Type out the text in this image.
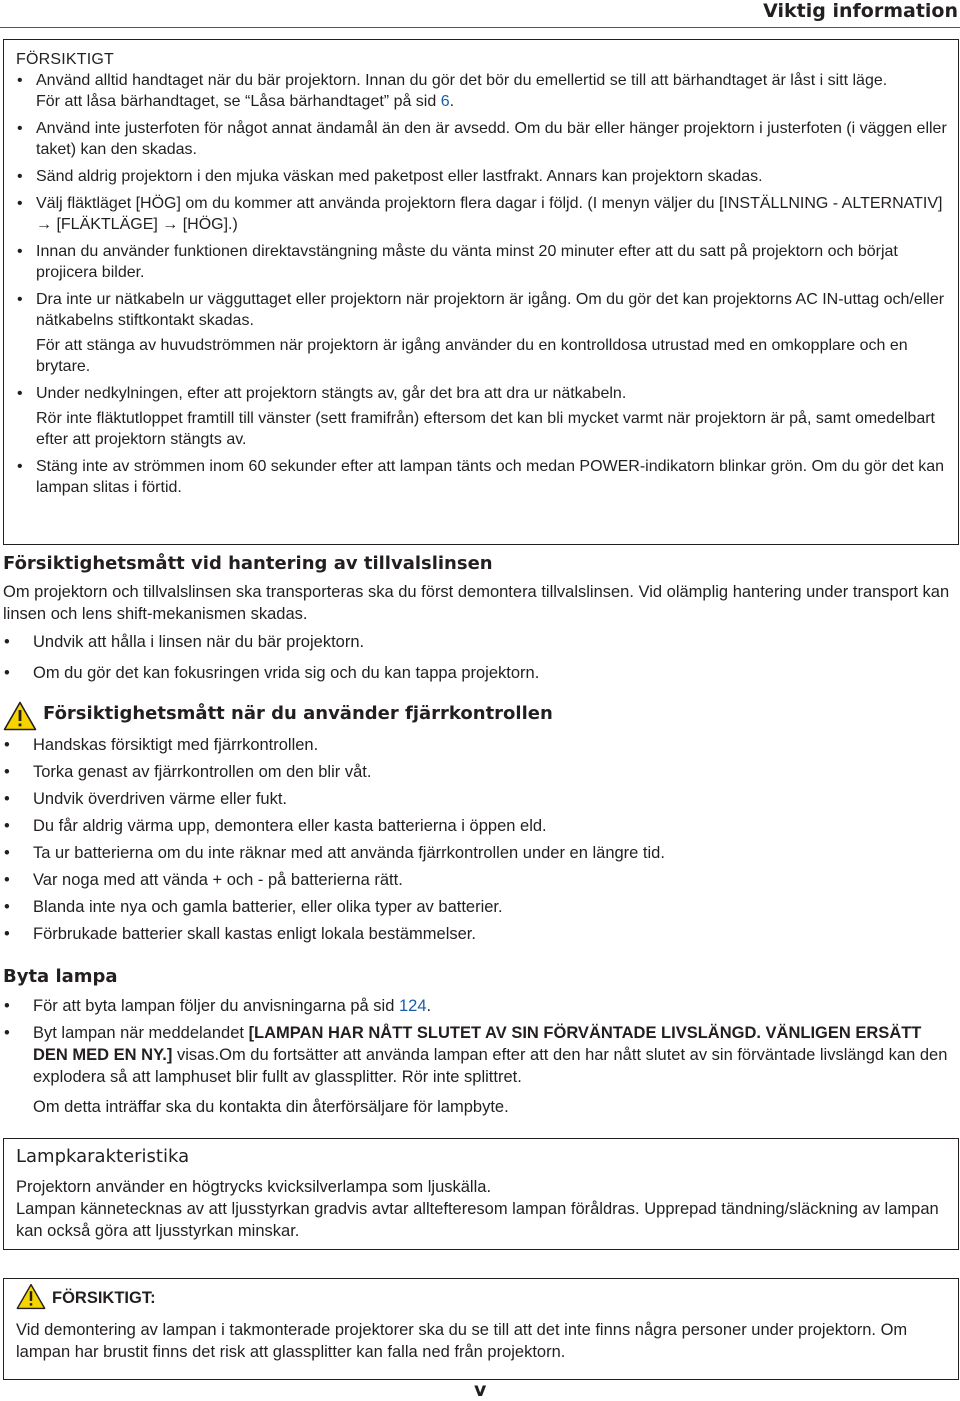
Viktig information
FÖRSIKTIGT
• Använd alltid handtaget när du bär projektorn. Innan du gör det bör du emellertid se till att bärhandtaget är låst i sitt läge.
För att låsa bärhandtaget, se “Låsa bärhandtaget” på sid 6.
• Använd inte justerfoten för något annat ändamål än den är avsedd. Om du bär eller hänger projektorn i justerfoten (i väggen eller taket) kan den skadas.
• Sänd aldrig projektorn i den mjuka väskan med paketpost eller lastfrakt. Annars kan projektorn skadas.
• Välj fläktläget [HÖG] om du kommer att använda projektorn flera dagar i följd. (I menyn väljer du [INSTÄLLNING - ALTERNATIV] → [FLÄKTLÄGE] → [HÖG].)
• Innan du använder funktionen direktavstängning måste du vänta minst 20 minuter efter att du satt på projektorn och börjat projicera bilder.
• Dra inte ur nätkabeln ur vägguttaget eller projektorn när projektorn är igång. Om du gör det kan projektorns AC IN-uttag och/eller nätkabelns stiftkontakt skadas.
För att stänga av huvudströmmen när projektorn är igång använder du en kontrolldosa utrustad med en omkopplare och en brytare.
• Under nedkylningen, efter att projektorn stängts av, går det bra att dra ur nätkabeln.
Rör inte fläktutloppet framtill till vänster (sett framifrån) eftersom det kan bli mycket varmt när projektorn är på, samt omedelbart efter att projektorn stängts av.
• Stäng inte av strömmen inom 60 sekunder efter att lampan tänts och medan POWER-indikatorn blinkar grön. Om du gör det kan lampan slitas i förtid.
Försiktighetsmått vid hantering av tillvalslinsen
Om projektorn och tillvalslinsen ska transporteras ska du först demontera tillvalslinsen. Vid olämplig hantering under transport kan linsen och lens shift-mekanismen skadas.
• Undvik att hålla i linsen när du bär projektorn.
• Om du gör det kan fokusringen vrida sig och du kan tappa projektorn.
Försiktighetsmått när du använder fjärrkontrollen
• Handskas försiktigt med fjärrkontrollen.
• Torka genast av fjärrkontrollen om den blir våt.
• Undvik överdriven värme eller fukt.
• Du får aldrig värma upp, demontera eller kasta batterierna i öppen eld.
• Ta ur batterierna om du inte räknar med att använda fjärrkontrollen under en längre tid.
• Var noga med att vända + och - på batterierna rätt.
• Blanda inte nya och gamla batterier, eller olika typer av batterier.
• Förbrukade batterier skall kastas enligt lokala bestämmelser.
Byta lampa
• För att byta lampan följer du anvisningarna på sid 124.
• Byt lampan när meddelandet [LAMPAN HAR NÅTT SLUTET AV SIN FÖRVÄNTADE LIVSLÄNGD. VÄNLIGEN ERSÄTT DEN MED EN NY.] visas.Om du fortsätter att använda lampan efter att den har nått slutet av sin förväntade livslängd kan den explodera så att lamphuset blir fullt av glassplitter. Rör inte splittret.
Om detta inträffar ska du kontakta din återförsäljare för lampbyte.
Lampkarakteristika

Projektorn använder en högtrycks kvicksilverlampa som ljuskälla.

Lampan kännetecknas av att ljusstyrkan gradvis avtar alltefteresom lampan föråldras. Upprepad tändning/släckning av lampan kan också göra att ljusstyrkan minskar.

FÖRSIKTIGT:

Vid demontering av lampan i takmonterade projektorer ska du se till att det inte finns några personer under projektorn. Om lampan har brustit finns det risk att glassplitter kan falla ned från projektorn.

v
